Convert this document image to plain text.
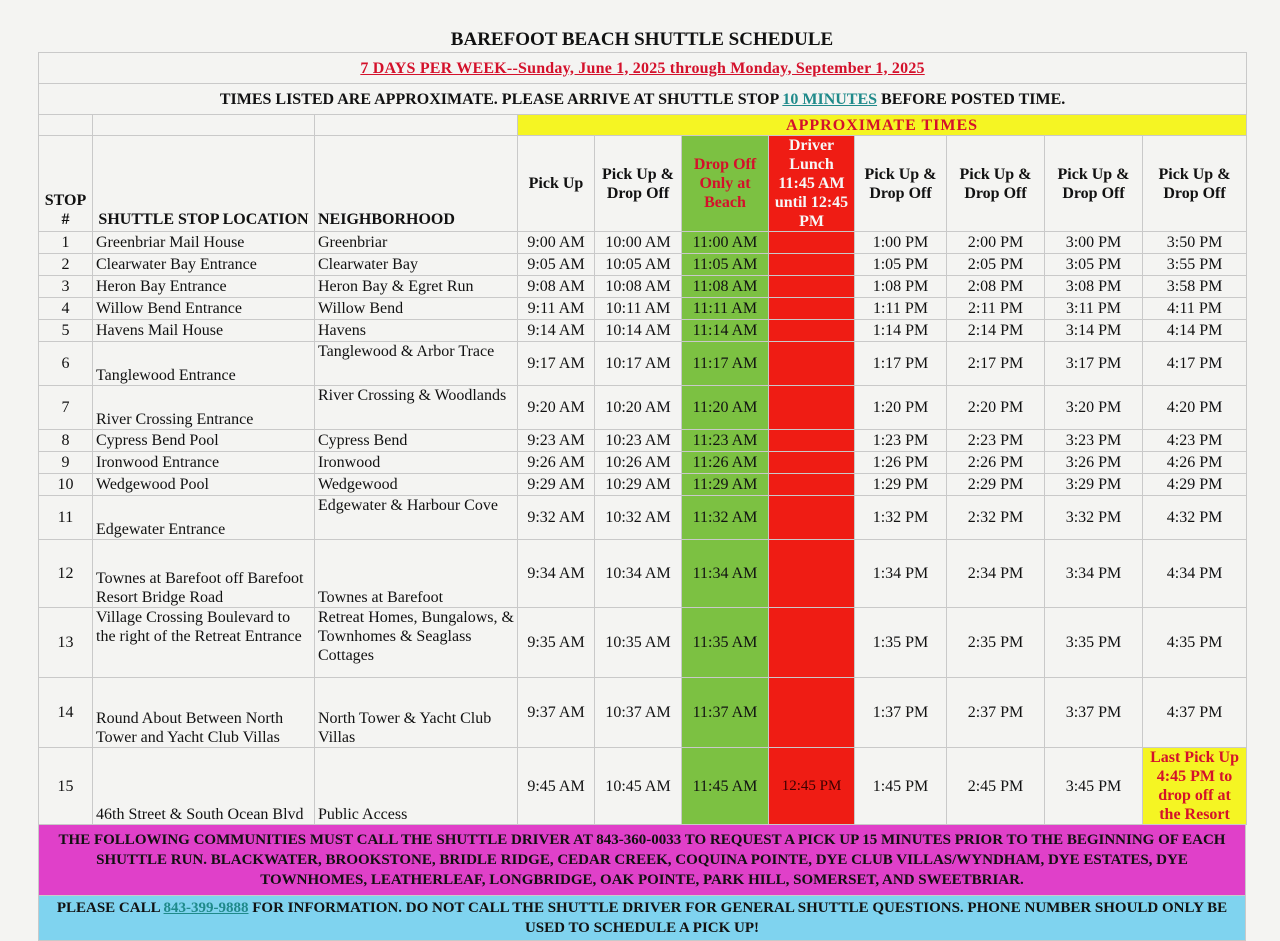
BAREFOOT BEACH SHUTTLE SCHEDULE
7 DAYS PER WEEK--Sunday, June 1, 2025 through Monday, September 1, 2025										
TIMES LISTED ARE APPROXIMATE. PLEASE ARRIVE AT SHUTTLE STOP 10 MINUTES BEFORE POSTED TIME.										
			APPROXIMATE TIMES							
STOP #	SHUTTLE STOP LOCATION	NEIGHBORHOOD	Pick Up	Pick Up & Drop Off	Drop Off Only at Beach	Driver Lunch 11:45 AM until 12:45 PM	Pick Up & Drop Off	Pick Up & Drop Off	Pick Up & Drop Off	Pick Up & Drop Off
1	Greenbriar Mail House	Greenbriar	9:00 AM	10:00 AM	11:00 AM		1:00 PM	2:00 PM	3:00 PM	3:50 PM
2	Clearwater Bay Entrance	Clearwater Bay	9:05 AM	10:05 AM	11:05 AM		1:05 PM	2:05 PM	3:05 PM	3:55 PM
3	Heron Bay Entrance	Heron Bay & Egret Run	9:08 AM	10:08 AM	11:08 AM		1:08 PM	2:08 PM	3:08 PM	3:58 PM
4	Willow Bend Entrance	Willow Bend	9:11 AM	10:11 AM	11:11 AM		1:11 PM	2:11 PM	3:11 PM	4:11 PM
5	Havens Mail House	Havens	9:14 AM	10:14 AM	11:14 AM		1:14 PM	2:14 PM	3:14 PM	4:14 PM
6	Tanglewood Entrance	Tanglewood & Arbor Trace	9:17 AM	10:17 AM	11:17 AM		1:17 PM	2:17 PM	3:17 PM	4:17 PM
7	River Crossing Entrance	River Crossing & Woodlands	9:20 AM	10:20 AM	11:20 AM		1:20 PM	2:20 PM	3:20 PM	4:20 PM
8	Cypress Bend Pool	Cypress Bend	9:23 AM	10:23 AM	11:23 AM		1:23 PM	2:23 PM	3:23 PM	4:23 PM
9	Ironwood Entrance	Ironwood	9:26 AM	10:26 AM	11:26 AM		1:26 PM	2:26 PM	3:26 PM	4:26 PM
10	Wedgewood Pool	Wedgewood	9:29 AM	10:29 AM	11:29 AM		1:29 PM	2:29 PM	3:29 PM	4:29 PM
11	Edgewater Entrance	Edgewater & Harbour Cove	9:32 AM	10:32 AM	11:32 AM		1:32 PM	2:32 PM	3:32 PM	4:32 PM
12	Townes at Barefoot off Barefoot Resort Bridge Road	Townes at Barefoot	9:34 AM	10:34 AM	11:34 AM		1:34 PM	2:34 PM	3:34 PM	4:34 PM
13	Village Crossing Boulevard to the right of the Retreat Entrance	Retreat Homes, Bungalows, & Townhomes & Seaglass Cottages	9:35 AM	10:35 AM	11:35 AM		1:35 PM	2:35 PM	3:35 PM	4:35 PM
14	Round About Between North Tower and Yacht Club Villas	North Tower & Yacht Club Villas	9:37 AM	10:37 AM	11:37 AM		1:37 PM	2:37 PM	3:37 PM	4:37 PM
15	46th Street & South Ocean Blvd	Public Access	9:45 AM	10:45 AM	11:45 AM	12:45 PM	1:45 PM	2:45 PM	3:45 PM	Last Pick Up 4:45 PM to drop off at the Resort
THE FOLLOWING COMMUNITIES MUST CALL THE SHUTTLE DRIVER AT 843-360-0033 TO REQUEST A PICK UP 15 MINUTES PRIOR TO THE BEGINNING OF EACH SHUTTLE RUN. BLACKWATER, BROOKSTONE, BRIDLE RIDGE, CEDAR CREEK, COQUINA POINTE, DYE CLUB VILLAS/WYNDHAM, DYE ESTATES, DYE TOWNHOMES, LEATHERLEAF, LONGBRIDGE, OAK POINTE, PARK HILL, SOMERSET, AND SWEETBRIAR.
PLEASE CALL 843-399-9888 FOR INFORMATION. DO NOT CALL THE SHUTTLE DRIVER FOR GENERAL SHUTTLE QUESTIONS. PHONE NUMBER SHOULD ONLY BE USED TO SCHEDULE A PICK UP!
